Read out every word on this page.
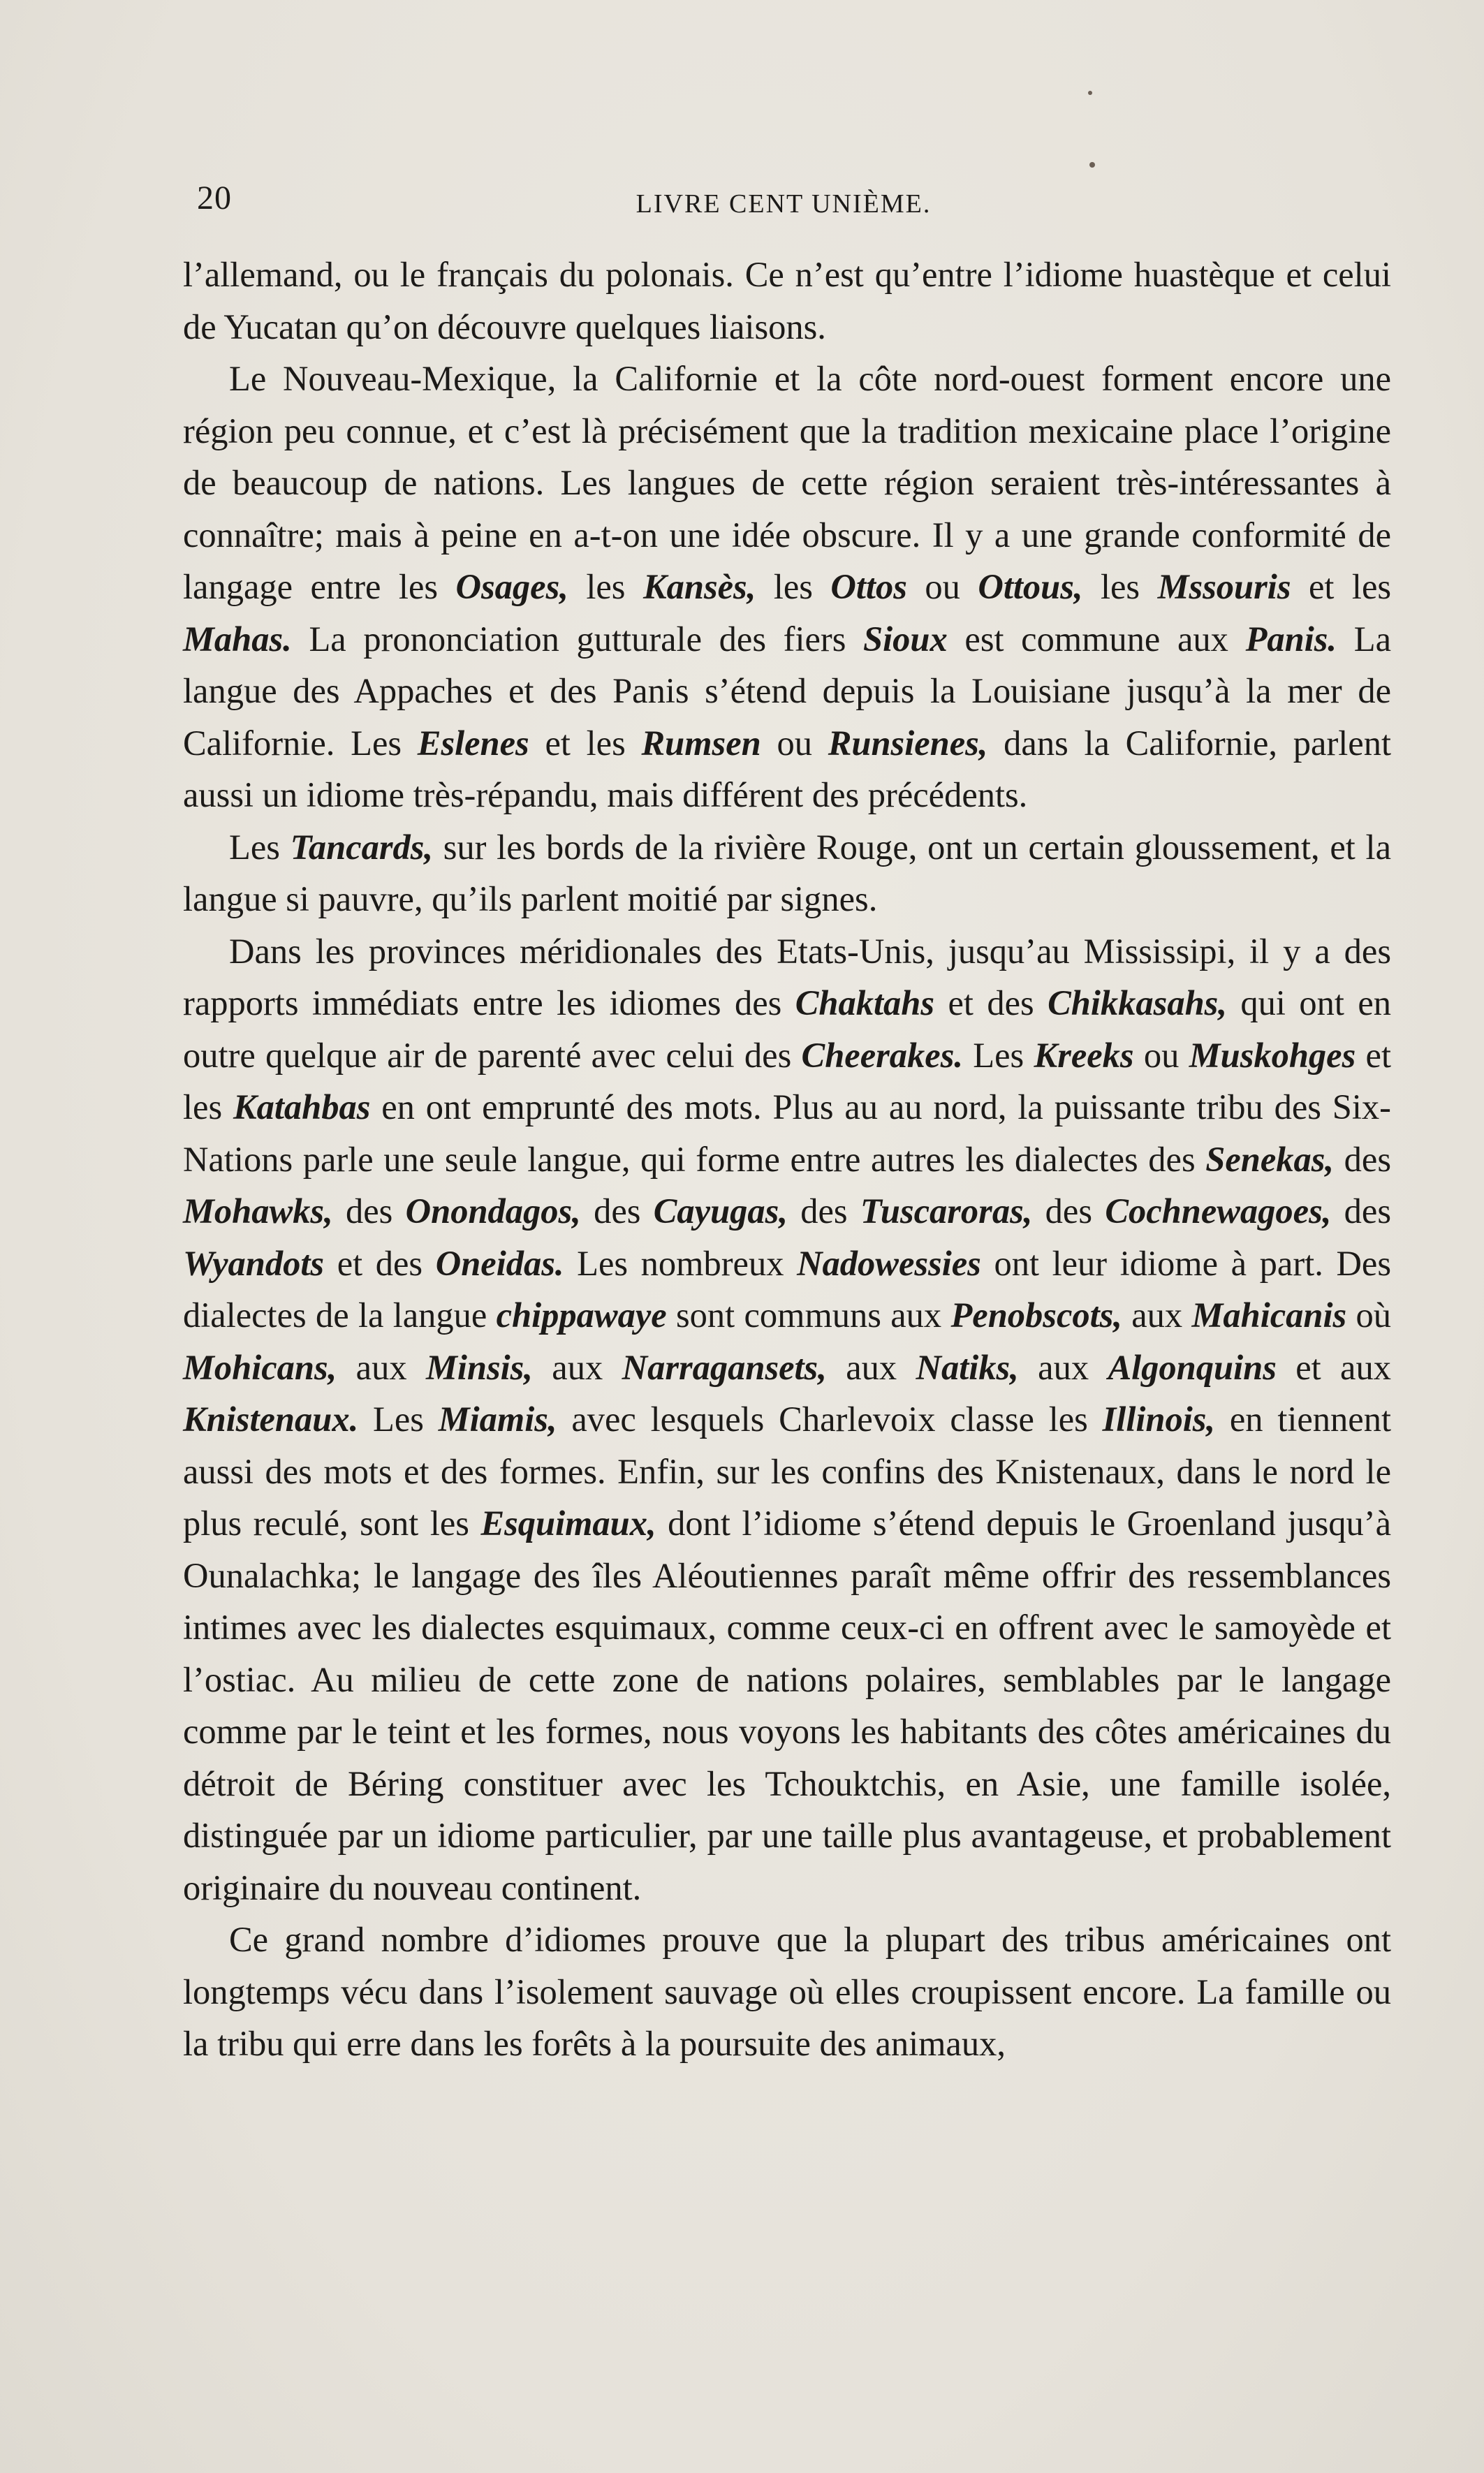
20	LIVRE CENT UNIÈME.

l’allemand, ou le français du polonais. Ce n’est qu’entre l’idiome huastèque et celui de Yucatan qu’on découvre quelques liaisons.

Le Nouveau-Mexique, la Californie et la côte nord-ouest forment encore une région peu connue, et c’est là précisément que la tradition mexicaine place l’origine de beaucoup de nations. Les langues de cette région seraient très-intéressantes à connaître; mais à peine en a-t-on une idée obscure. Il y a une grande conformité de langage entre les Osages, les Kansès, les Ottos ou Ottous, les Mssouris et les Mahas. La prononciation gutturale des fiers Sioux est commune aux Panis. La langue des Appaches et des Panis s’étend depuis la Louisiane jusqu’à la mer de Californie. Les Eslenes et les Rumsen ou Runsienes, dans la Californie, parlent aussi un idiome très-répandu, mais différent des précédents.

Les Tancards, sur les bords de la rivière Rouge, ont un certain gloussement, et la langue si pauvre, qu’ils parlent moitié par signes.

Dans les provinces méridionales des Etats-Unis, jusqu’au Mississipi, il y a des rapports immédiats entre les idiomes des Chaktahs et des Chikkasahs, qui ont en outre quelque air de parenté avec celui des Cheerakes. Les Kreeks ou Muskohges et les Katahbas en ont emprunté des mots. Plus au au nord, la puissante tribu des Six-Nations parle une seule langue, qui forme entre autres les dialectes des Senekas, des Mohawks, des Onondagos, des Cayugas, des Tuscaroras, des Cochnewagoes, des Wyandots et des Oneidas. Les nombreux Nadowessies ont leur idiome à part. Des dialectes de la langue chippawaye sont communs aux Penobscots, aux Mahicanis où Mohicans, aux Minsis, aux Narragansets, aux Natiks, aux Algonquins et aux Knistenaux. Les Miamis, avec lesquels Charlevoix classe les Illinois, en tiennent aussi des mots et des formes. Enfin, sur les confins des Knistenaux, dans le nord le plus reculé, sont les Esquimaux, dont l’idiome s’étend depuis le Groenland jusqu’à Ounalachka; le langage des îles Aléoutiennes paraît même offrir des ressemblances intimes avec les dialectes esquimaux, comme ceux-ci en offrent avec le samoyède et l’ostiac. Au milieu de cette zone de nations polaires, semblables par le langage comme par le teint et les formes, nous voyons les habitants des côtes américaines du détroit de Béring constituer avec les Tchouktchis, en Asie, une famille isolée, distinguée par un idiome particulier, par une taille plus avantageuse, et probablement originaire du nouveau continent.

Ce grand nombre d’idiomes prouve que la plupart des tribus américaines ont longtemps vécu dans l’isolement sauvage où elles croupissent encore. La famille ou la tribu qui erre dans les forêts à la poursuite des animaux,
